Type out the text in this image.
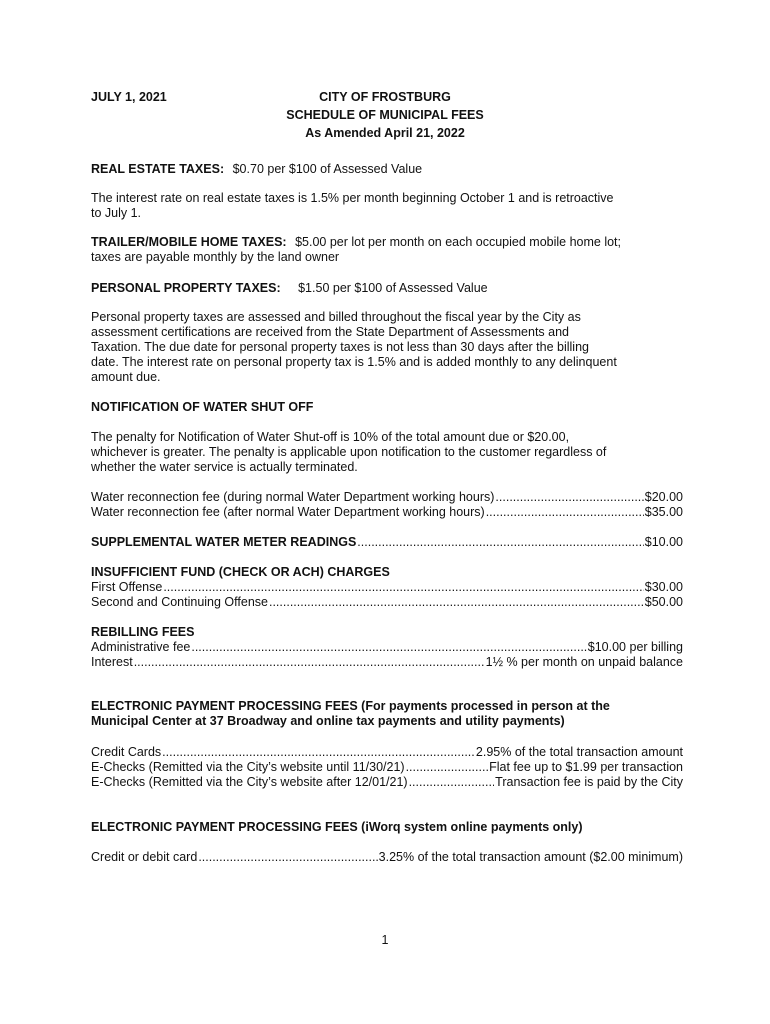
JULY 1, 2021	CITY OF FROSTBURG
SCHEDULE OF MUNICIPAL FEES
As Amended April 21, 2022
REAL ESTATE TAXES: $0.70 per $100 of Assessed Value
The interest rate on real estate taxes is 1.5% per month beginning October 1 and is retroactive
to July 1.
TRAILER/MOBILE HOME TAXES: $5.00 per lot per month on each occupied mobile home lot;
taxes are payable monthly by the land owner
PERSONAL PROPERTY TAXES: $1.50 per $100 of Assessed Value
Personal property taxes are assessed and billed throughout the fiscal year by the City as
assessment certifications are received from the State Department of Assessments and
Taxation. The due date for personal property taxes is not less than 30 days after the billing
date. The interest rate on personal property tax is 1.5% and is added monthly to any delinquent
amount due.
NOTIFICATION OF WATER SHUT OFF
The penalty for Notification of Water Shut-off is 10% of the total amount due or $20.00,
whichever is greater. The penalty is applicable upon notification to the customer regardless of
whether the water service is actually terminated.
Water reconnection fee (during normal Water Department working hours) .....	$20.00
Water reconnection fee (after normal Water Department working hours) .....	$35.00
SUPPLEMENTAL WATER METER READINGS .....	$10.00
INSUFFICIENT FUND (CHECK OR ACH) CHARGES
First Offense .....	$30.00
Second and Continuing Offense .....	$50.00
REBILLING FEES
Administrative fee .....	$10.00 per billing
Interest .....	1½ % per month on unpaid balance
ELECTRONIC PAYMENT PROCESSING FEES (For payments processed in person at the
Municipal Center at 37 Broadway and online tax payments and utility payments)
Credit Cards .....	2.95% of the total transaction amount
E-Checks (Remitted via the City’s website until 11/30/21) .....	Flat fee up to $1.99 per transaction
E-Checks (Remitted via the City’s website after 12/01/21) .....	Transaction fee is paid by the City
ELECTRONIC PAYMENT PROCESSING FEES (iWorq system online payments only)
Credit or debit card .....	3.25% of the total transaction amount ($2.00 minimum)
1
